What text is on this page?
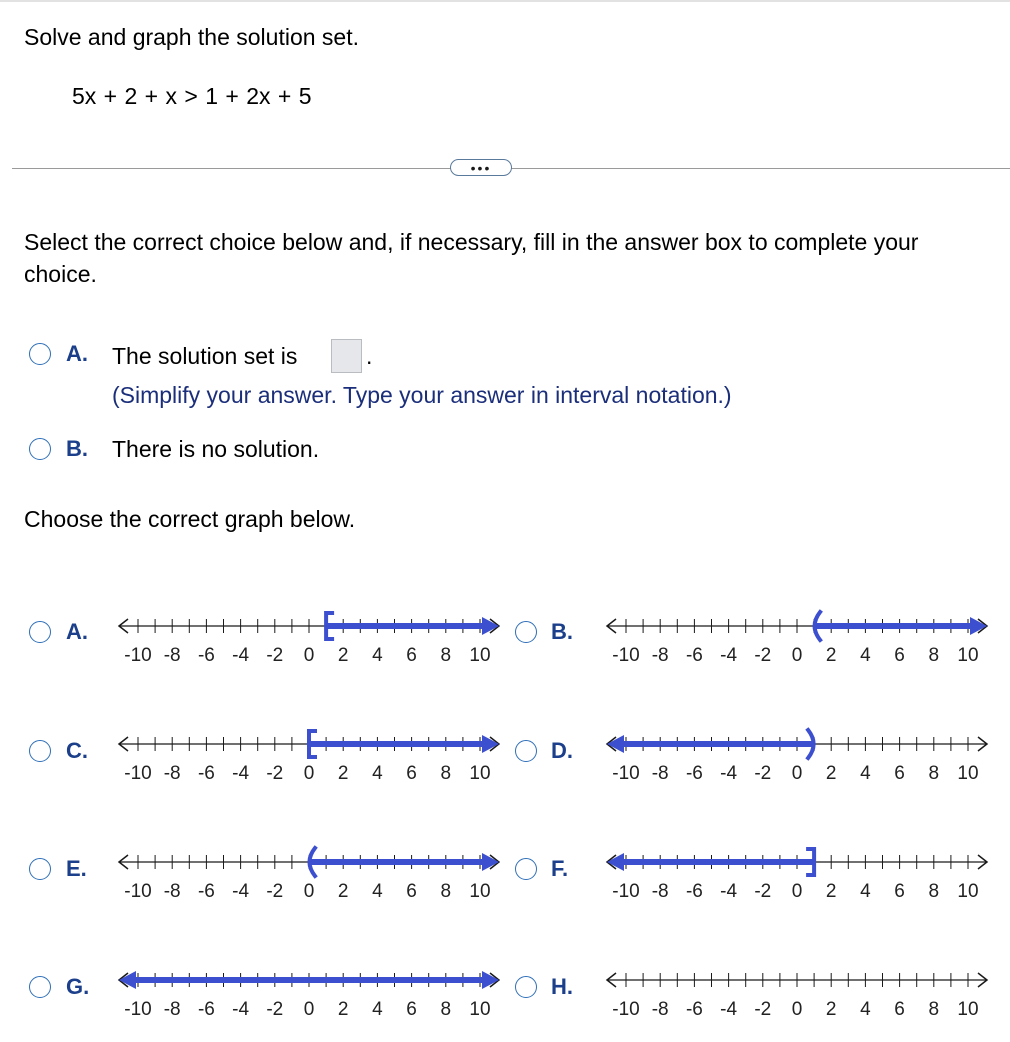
Solve and graph the solution set.
5x + 2 + x > 1 + 2x + 5
•••
Select the correct choice below and, if necessary, fill in the answer box to complete your choice.
A. The solution set is	.
(Simplify your answer. Type your answer in interval notation.)
B. There is no solution.
Choose the correct graph below.
A.
-10 -8 -6 -4 -2 0 2 4 6 8 10
B.
-10 -8 -6 -4 -2 0 2 4 6 8 10
C.
-10 -8 -6 -4 -2 0 2 4 6 8 10
D.
-10 -8 -6 -4 -2 0 2 4 6 8 10
E.
-10 -8 -6 -4 -2 0 2 4 6 8 10
F.
-10 -8 -6 -4 -2 0 2 4 6 8 10
G.
-10 -8 -6 -4 -2 0 2 4 6 8 10
H.
-10 -8 -6 -4 -2 0 2 4 6 8 10
